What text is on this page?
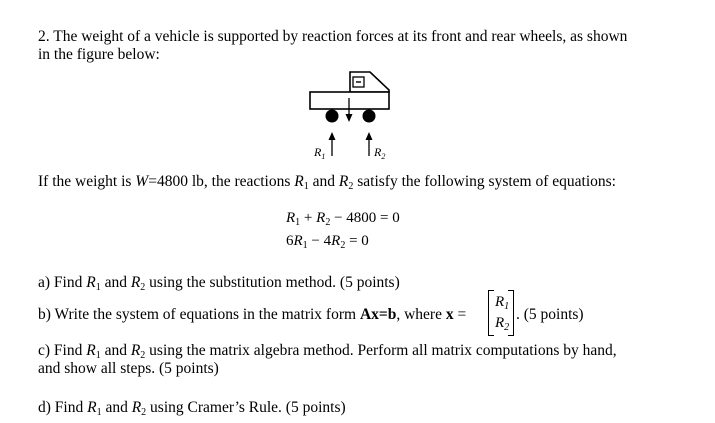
2. The weight of a vehicle is supported by reaction forces at its front and rear wheels, as shown
in the figure below:
$R_1$	$R_2$
If the weight is W=4800 lb, the reactions $R_1$ and $R_2$ satisfy the following system of equations:
$R_1 + R_2 - 4800 = 0$
$6R_1 - 4R_2 = 0$
a) Find $R_1$ and $R_2$ using the substitution method. (5 points)
b) Write the system of equations in the matrix form Ax=b, where x =
$R_1$
$R_2$
. (5 points)
c) Find $R_1$ and $R_2$ using the matrix algebra method. Perform all matrix computations by hand,
and show all steps. (5 points)
d) Find $R_1$ and $R_2$ using Cramer’s Rule. (5 points)
